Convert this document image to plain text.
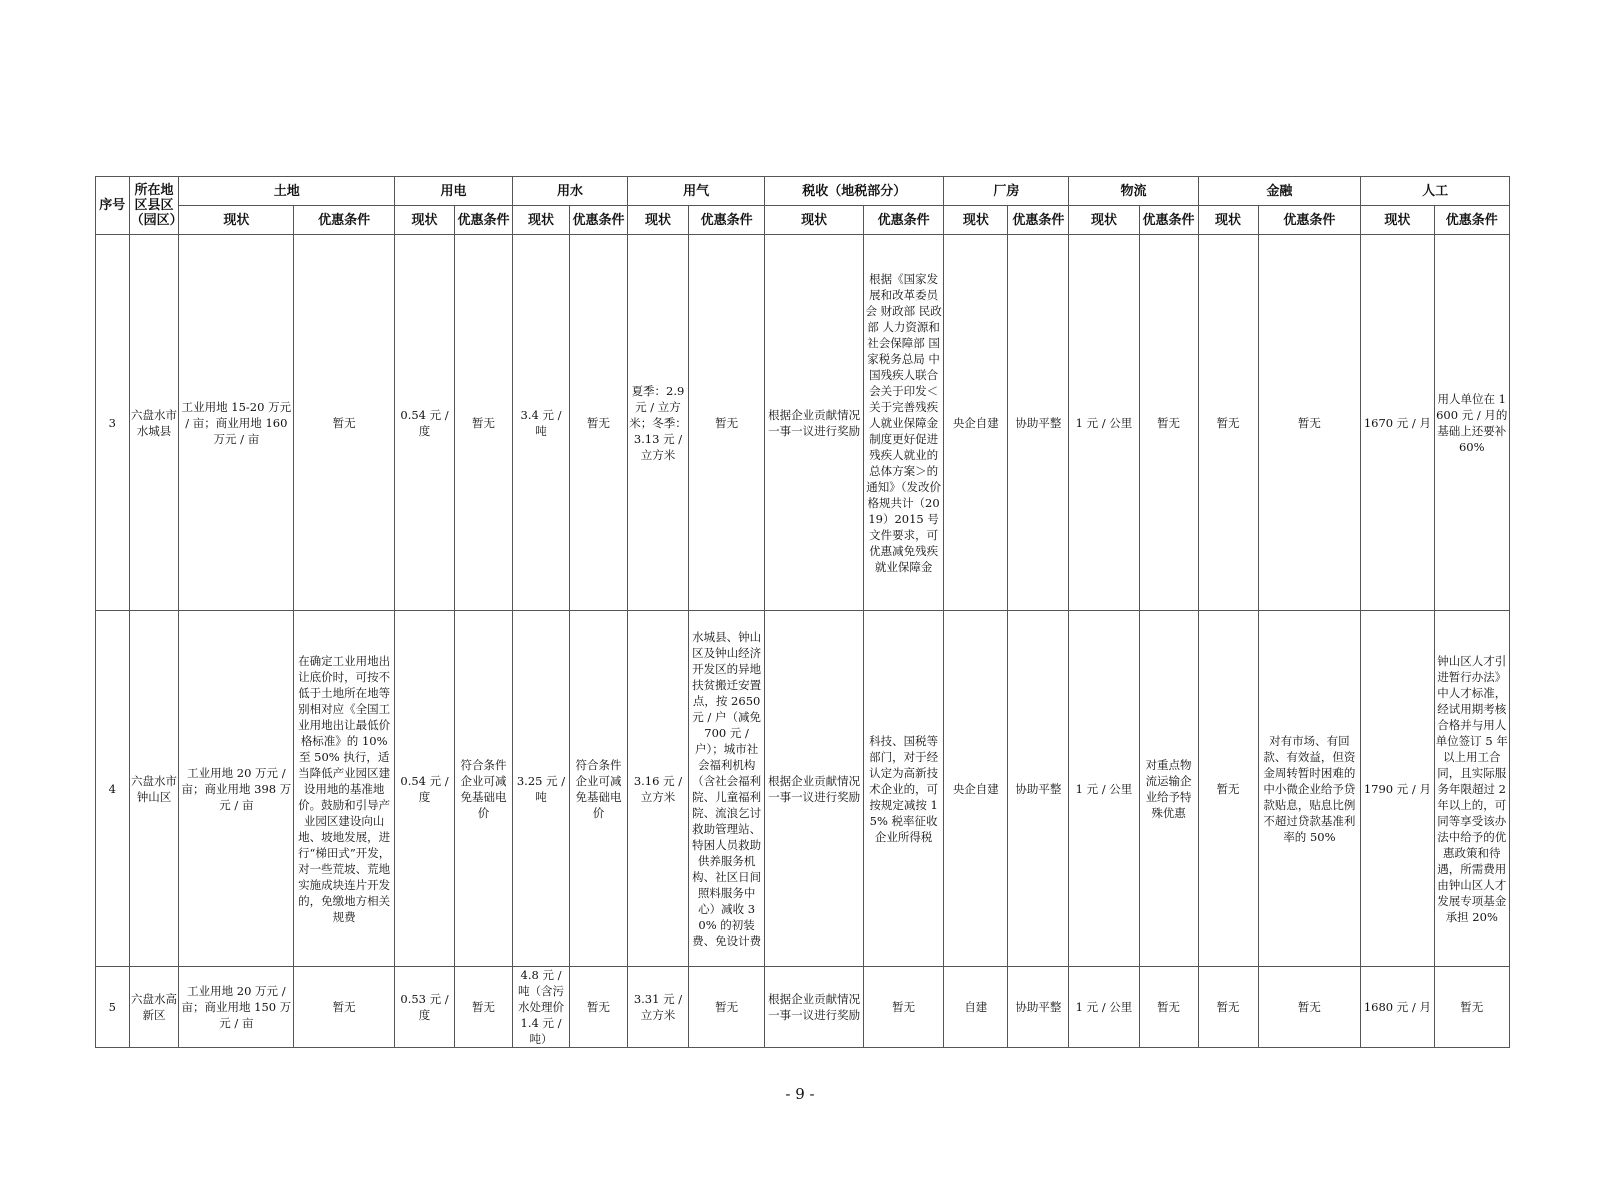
序号	所在地区县区（园区）	土地		用电		用水		用气		税收（地税部分）		厂房		物流		金融		人工	
		现状	优惠条件	现状	优惠条件	现状	优惠条件	现状	优惠条件	现状	优惠条件	现状	优惠条件	现状	优惠条件	现状	优惠条件	现状	优惠条件
3	六盘水市水城县	工业用地 15-20 万元 / 亩；商业用地 160 万元 / 亩	暂无	0.54 元 / 度	暂无	3.4 元 / 吨	暂无	夏季：2.9 元 / 立方米；冬季：3.13 元 / 立方米	暂无	根据企业贡献情况一事一议进行奖励	根据《国家发展和改革委员会 财政部 民政部 人力资源和社会保障部 国家税务总局 中国残疾人联合会关于印发＜关于完善残疾人就业保障金制度更好促进残疾人就业的总体方案＞的通知》（发改价格规共计（2019）2015 号文件要求，可优惠减免残疾就业保障金	央企自建	协助平整	1 元 / 公里	暂无	暂无	暂无	1670 元 / 月	用人单位在 1600 元 / 月的基础上还要补 60%
4	六盘水市钟山区	工业用地 20 万元 / 亩；商业用地 398 万元 / 亩	在确定工业用地出让底价时，可按不低于土地所在地等别相对应《全国工业用地出让最低价格标准》的 10% 至 50% 执行，适当降低产业园区建设用地的基准地价。鼓励和引导产业园区建设向山地、坡地发展，进行“梯田式”开发，对一些荒坡、荒地实施成块连片开发的，免缴地方相关规费	0.54 元 / 度	符合条件企业可减免基础电价	3.25 元 / 吨	符合条件企业可减免基础电价	3.16 元 / 立方米	水城县、钟山区及钟山经济开发区的异地扶贫搬迁安置点，按 2650 元 / 户（减免 700 元 / 户）；城市社会福利机构（含社会福利院、儿童福利院、流浪乞讨救助管理站、特困人员救助供养服务机构、社区日间照料服务中心）减收 30% 的初装费、免设计费	根据企业贡献情况一事一议进行奖励	科技、国税等部门，对于经认定为高新技术企业的，可按规定减按 15% 税率征收企业所得税	央企自建	协助平整	1 元 / 公里	对重点物流运输企业给予特殊优惠	暂无	对有市场、有回款、有效益，但资金周转暂时困难的中小微企业给予贷款贴息，贴息比例不超过贷款基准利率的 50%	1790 元 / 月	钟山区人才引进暂行办法》中人才标准，经试用期考核合格并与用人单位签订 5 年以上用工合同，且实际服务年限超过 2 年以上的，可同等享受该办法中给予的优惠政策和待遇，所需费用由钟山区人才发展专项基金承担 20%
5	六盘水高新区	工业用地 20 万元 / 亩；商业用地 150 万元 / 亩	暂无	0.53 元 / 度	暂无	4.8 元 / 吨（含污水处理价 1.4 元 / 吨）	暂无	3.31 元 / 立方米	暂无	根据企业贡献情况一事一议进行奖励	暂无	自建	协助平整	1 元 / 公里	暂无	暂无	暂无	1680 元 / 月	暂无
- 9 -
